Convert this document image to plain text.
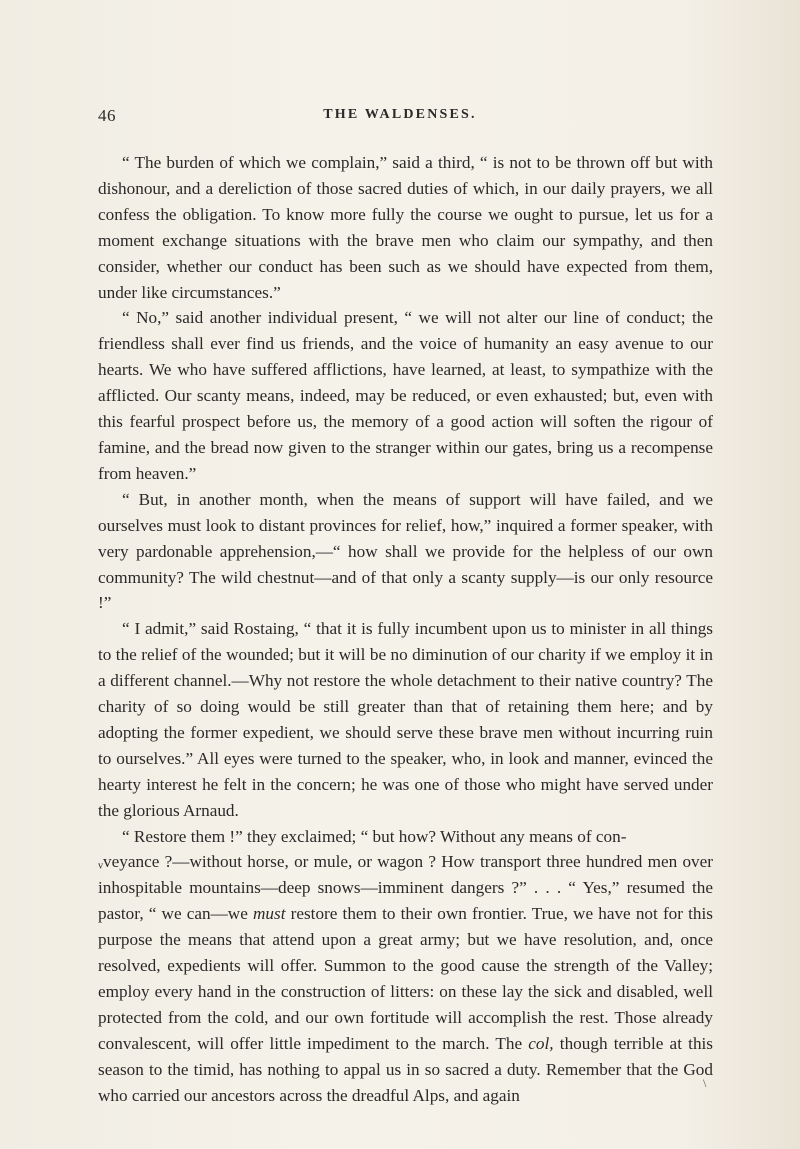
46	THE WALDENSES.

“ The burden of which we complain,” said a third, “ is not to be thrown off but with dishonour, and a dereliction of those sacred duties of which, in our daily prayers, we all confess the obligation. To know more fully the course we ought to pursue, let us for a moment exchange situations with the brave men who claim our sympathy, and then consider, whether our conduct has been such as we should have expected from them, under like circumstances.”

“ No,” said another individual present, “ we will not alter our line of conduct; the friendless shall ever find us friends, and the voice of humanity an easy avenue to our hearts. We who have suffered afflictions, have learned, at least, to sympathize with the afflicted. Our scanty means, indeed, may be reduced, or even exhausted; but, even with this fearful prospect before us, the memory of a good action will soften the rigour of famine, and the bread now given to the stranger within our gates, bring us a recompense from heaven.”

“ But, in another month, when the means of support will have failed, and we ourselves must look to distant provinces for relief, how,” inquired a former speaker, with very pardonable apprehension,—“ how shall we provide for the helpless of our own community? The wild chestnut—and of that only a scanty supply—is our only resource !”

“ I admit,” said Rostaing, “ that it is fully incumbent upon us to minister in all things to the relief of the wounded; but it will be no diminution of our charity if we employ it in a different channel.—Why not restore the whole detachment to their native country? The charity of so doing would be still greater than that of retaining them here; and by adopting the former expedient, we should serve these brave men without incurring ruin to ourselves.” All eyes were turned to the speaker, who, in look and manner, evinced the hearty interest he felt in the concern; he was one of those who might have served under the glorious Arnaud.

“ Restore them !” they exclaimed; “ but how? Without any means of con-

ᵥveyance ?—without horse, or mule, or wagon ? How transport three hundred men over inhospitable mountains—deep snows—imminent dangers ?” . . . “ Yes,” resumed the pastor, “ we can—we must restore them to their own frontier. True, we have not for this purpose the means that attend upon a great army; but we have resolution, and, once resolved, expedients will offer. Summon to the good cause the strength of the Valley; employ every hand in the construction of litters: on these lay the sick and disabled, well protected from the cold, and our own fortitude will accomplish the rest. Those already convalescent, will offer little impediment to the march. The col, though terrible at this season to the timid, has nothing to appal us in so sacred a duty. Remember that the God who carried our ancestors across the dreadful Alps, and again

\
